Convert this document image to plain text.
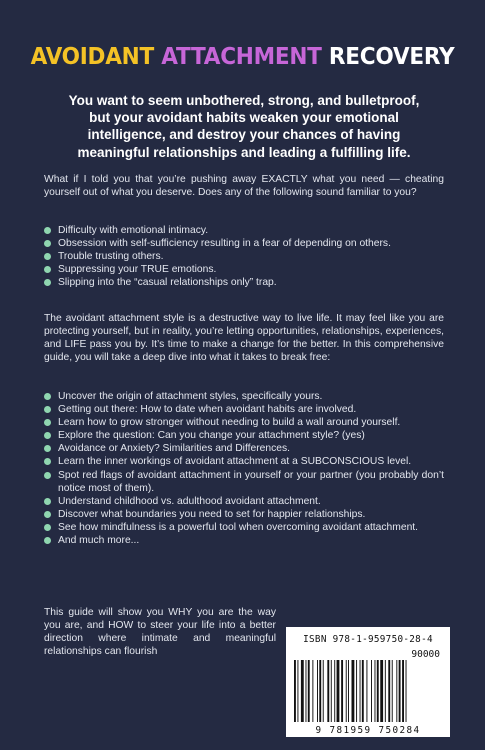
AVOIDANT ATTACHMENT RECOVERY
You want to seem unbothered, strong, and bulletproof, but your avoidant habits weaken your emotional intelligence, and destroy your chances of having meaningful relationships and leading a fulfilling life.
What if I told you that you’re pushing away EXACTLY what you need — cheating yourself out of what you deserve. Does any of the following sound familiar to you?
Difficulty with emotional intimacy.
Obsession with self-sufficiency resulting in a fear of depending on others.
Trouble trusting others.
Suppressing your TRUE emotions.
Slipping into the “casual relationships only” trap.
The avoidant attachment style is a destructive way to live life. It may feel like you are protecting yourself, but in reality, you’re letting opportunities, relationships, experiences, and LIFE pass you by. It’s time to make a change for the better. In this comprehensive guide, you will take a deep dive into what it takes to break free:
Uncover the origin of attachment styles, specifically yours.
Getting out there: How to date when avoidant habits are involved.
Learn how to grow stronger without needing to build a wall around yourself.
Explore the question: Can you change your attachment style? (yes)
Avoidance or Anxiety? Similarities and Differences.
Learn the inner workings of avoidant attachment at a SUBCONSCIOUS level.
Spot red flags of avoidant attachment in yourself or your partner (you probably don’t notice most of them).
Understand childhood vs. adulthood avoidant attachment.
Discover what boundaries you need to set for happier relationships.
See how mindfulness is a powerful tool when overcoming avoidant attachment.
And much more...
This guide will show you WHY you are the way you are, and HOW to steer your life into a better direction where intimate and meaningful relationships can flourish
ISBN 978-1-959750-28-4
90000
9 781959 750284
